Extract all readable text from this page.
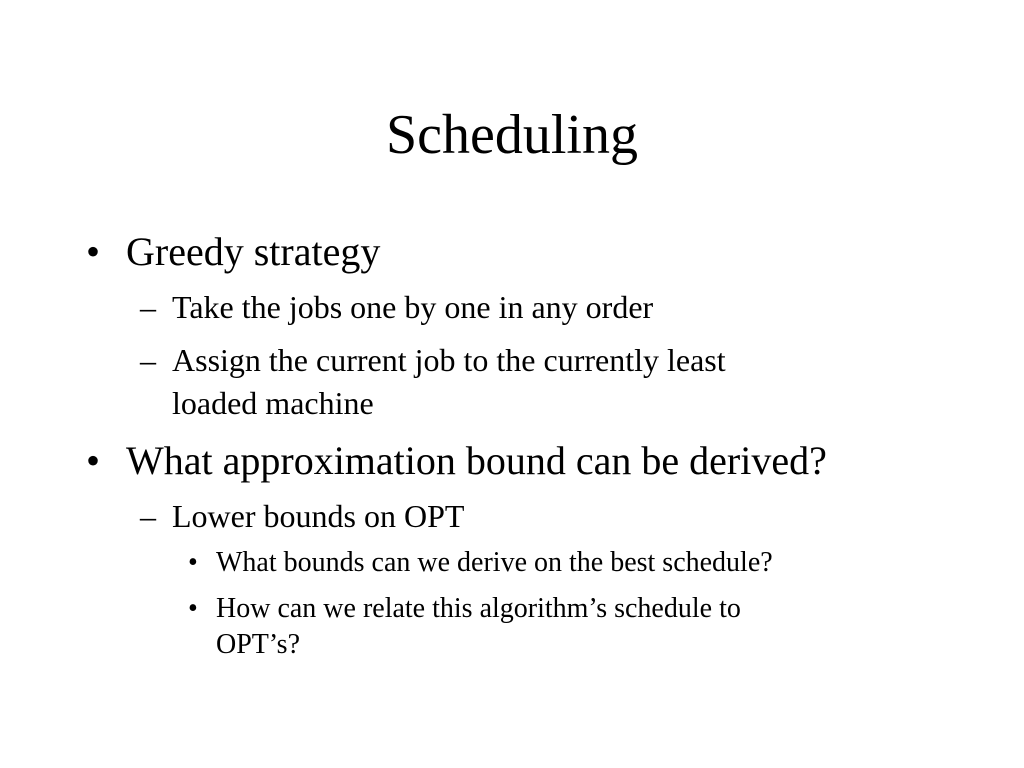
Scheduling
• Greedy strategy
– Take the jobs one by one in any order
– Assign the current job to the currently least
loaded machine
• What approximation bound can be derived?
– Lower bounds on OPT
• What bounds can we derive on the best schedule?
• How can we relate this algorithm’s schedule to
OPT’s?
